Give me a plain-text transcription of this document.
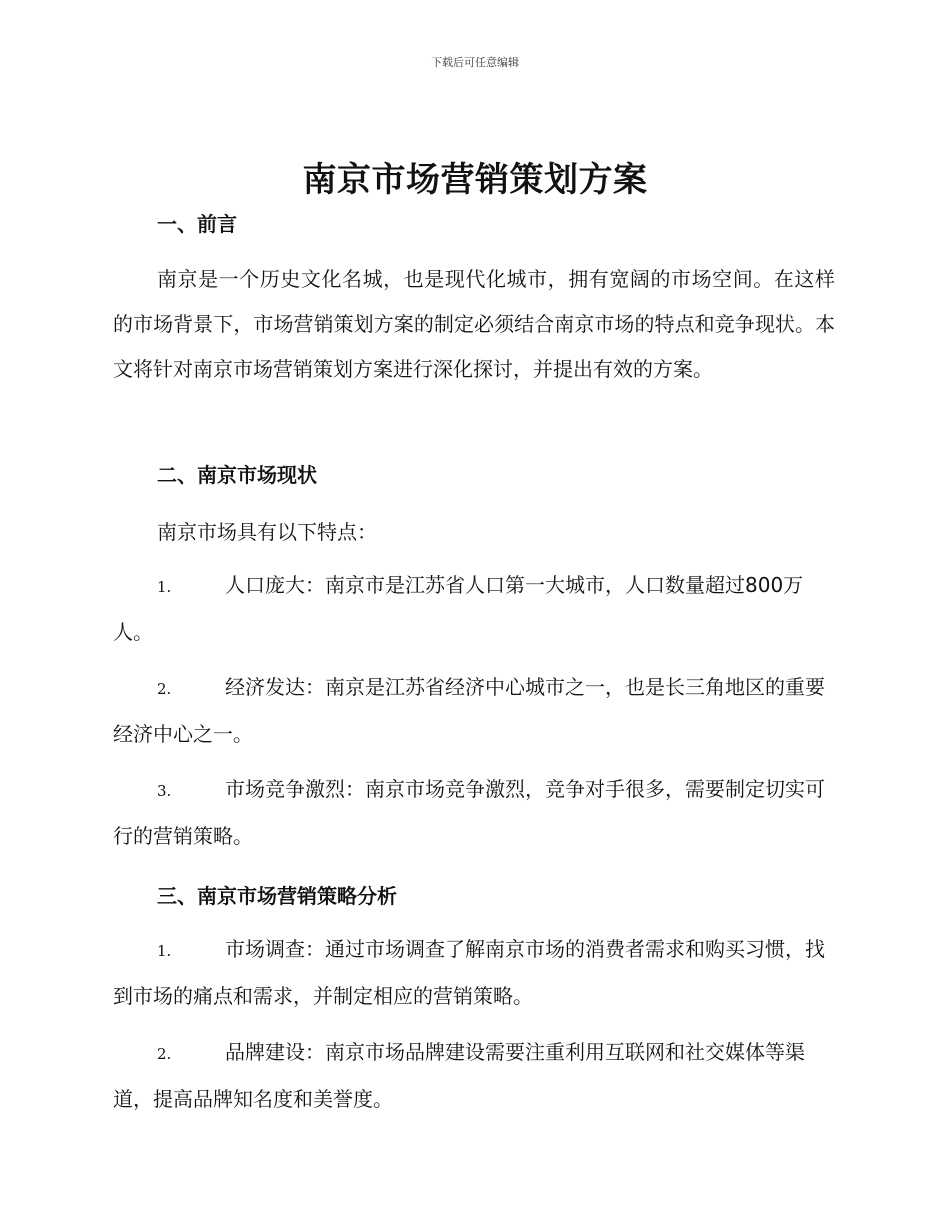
下载后可任意编辑
南京市场营销策划方案
一、前言

南京是一个历史文化名城，也是现代化城市，拥有宽阔的市场空间。在这样的市场背景下，市场营销策划方案的制定必须结合南京市场的特点和竞争现状。本文将针对南京市场营销策划方案进行深化探讨，并提出有效的方案。

二、南京市场现状
南京市场具有以下特点：

1.	人口庞大：南京市是江苏省人口第一大城市，人口数量超过800万人。

2.	经济发达：南京是江苏省经济中心城市之一，也是长三角地区的重要经济中心之一。

3.	市场竞争激烈：南京市场竞争激烈，竞争对手很多，需要制定切实可行的营销策略。

三、南京市场营销策略分析

1.	市场调查：通过市场调查了解南京市场的消费者需求和购买习惯，找到市场的痛点和需求，并制定相应的营销策略。

2.	品牌建设：南京市场品牌建设需要注重利用互联网和社交媒体等渠道，提高品牌知名度和美誉度。
